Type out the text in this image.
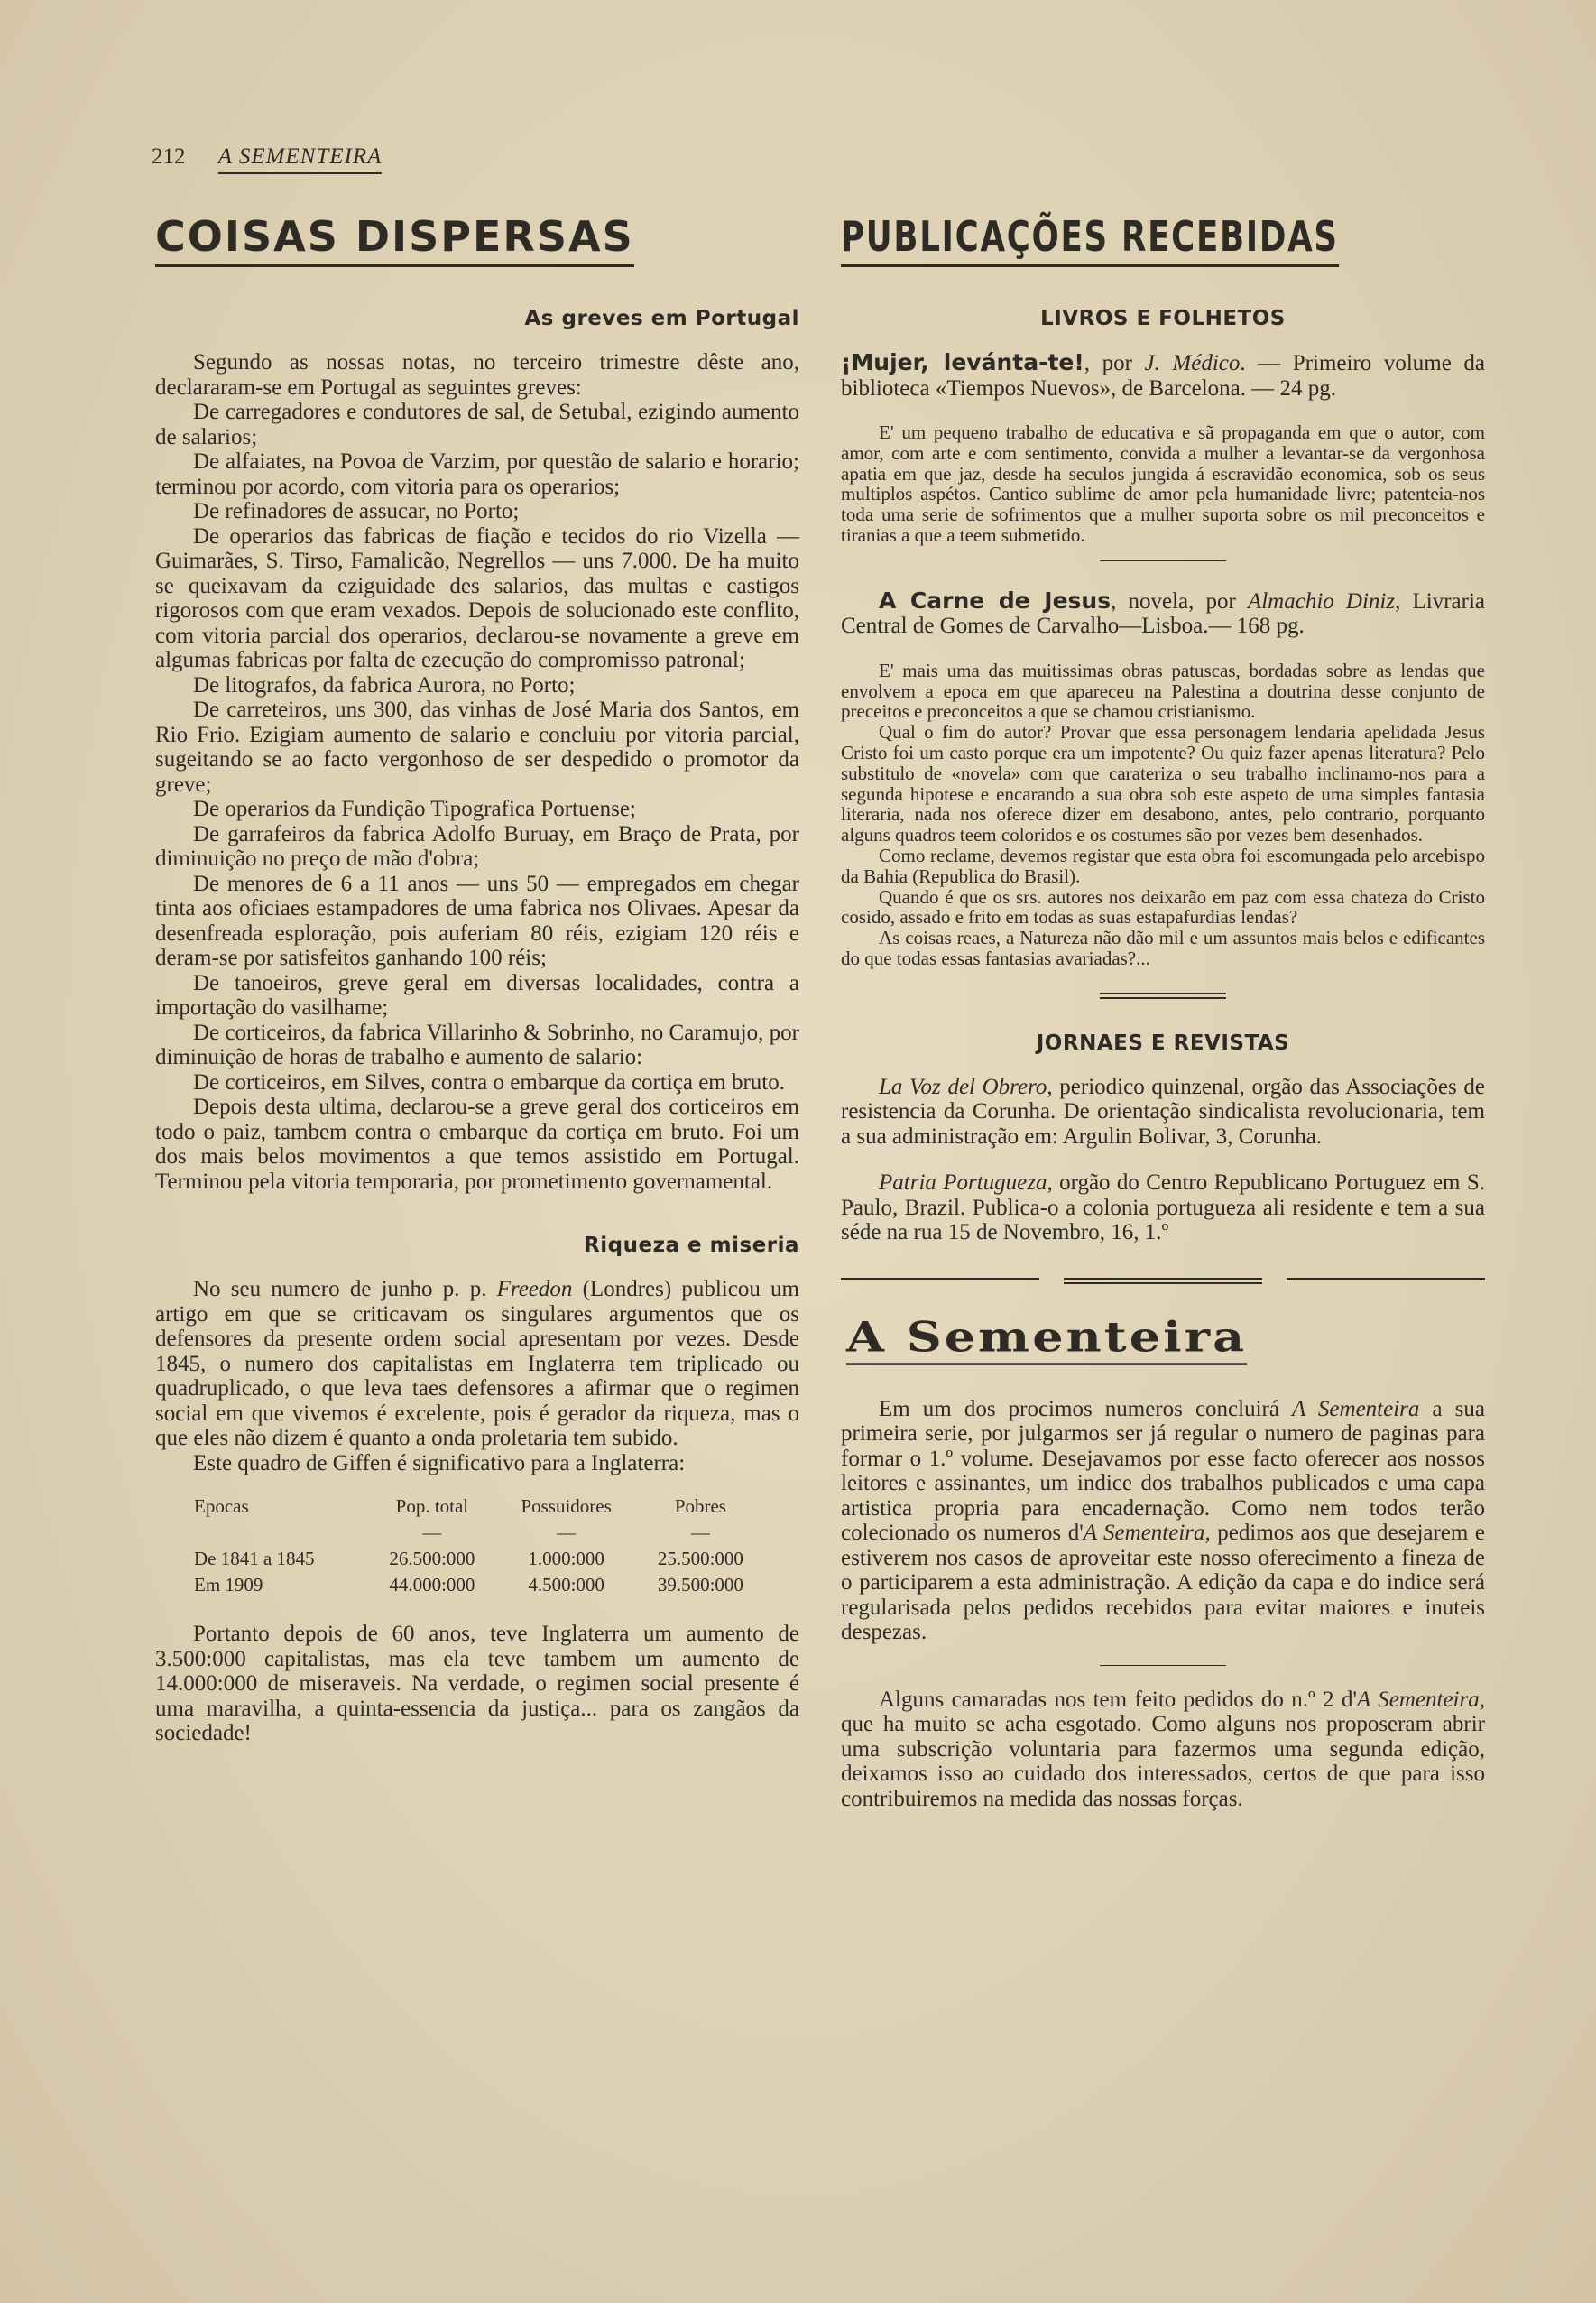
212 A SEMENTEIRA
COISAS DISPERSAS
As greves em Portugal

Segundo as nossas notas, no terceiro trimestre dêste ano, declararam-se em Portugal as seguintes greves:

De carregadores e condutores de sal, de Setubal, ezigindo aumento de salarios;

De alfaiates, na Povoa de Varzim, por questão de salario e horario; terminou por acordo, com vitoria para os operarios;

De refinadores de assucar, no Porto;

De operarios das fabricas de fiação e tecidos do rio Vizella — Guimarães, S. Tirso, Famalicão, Negrellos — uns 7.000. De ha muito se queixavam da eziguidade des salarios, das multas e castigos rigorosos com que eram vexados. Depois de solucionado este conflito, com vitoria parcial dos operarios, declarou-se novamente a greve em algumas fabricas por falta de ezecução do compromisso patronal;

De litografos, da fabrica Aurora, no Porto;

De carreteiros, uns 300, das vinhas de José Maria dos Santos, em Rio Frio. Ezigiam aumento de salario e concluiu por vitoria parcial, sugeitando se ao facto vergonhoso de ser despedido o promotor da greve;

De operarios da Fundição Tipografica Portuense;

De garrafeiros da fabrica Adolfo Buruay, em Braço de Prata, por diminuição no preço de mão d'obra;

De menores de 6 a 11 anos — uns 50 — empregados em chegar tinta aos oficiaes estampadores de uma fabrica nos Olivaes. Apesar da desenfreada esploração, pois auferiam 80 réis, ezigiam 120 réis e deram-se por satisfeitos ganhando 100 réis;

De tanoeiros, greve geral em diversas localidades, contra a importação do vasilhame;

De corticeiros, da fabrica Villarinho & Sobrinho, no Caramujo, por diminuição de horas de trabalho e aumento de salario:

De corticeiros, em Silves, contra o embarque da cortiça em bruto.

Depois desta ultima, declarou-se a greve geral dos corticeiros em todo o paiz, tambem contra o embarque da cortiça em bruto. Foi um dos mais belos movimentos a que temos assistido em Portugal. Terminou pela vitoria temporaria, por prometimento governamental.

Riqueza e miseria

No seu numero de junho p. p. Freedon (Londres) publicou um artigo em que se criticavam os singulares argumentos que os defensores da presente ordem social apresentam por vezes. Desde 1845, o numero dos capitalistas em Inglaterra tem triplicado ou quadruplicado, o que leva taes defensores a afirmar que o regimen social em que vivemos é excelente, pois é gerador da riqueza, mas o que eles não dizem é quanto a onda proletaria tem subido.

Este quadro de Giffen é significativo para a Inglaterra:

Epocas	Pop. total	Possuidores	Pobres
	—	—	—
De 1841 a 1845	26.500:000	1.000:000	25.500:000
Em 1909	44.000:000	4.500:000	39.500:000

Portanto depois de 60 anos, teve Inglaterra um aumento de 3.500:000 capitalistas, mas ela teve tambem um aumento de 14.000:000 de miseraveis. Na verdade, o regimen social presente é uma maravilha, a quinta-essencia da justiça... para os zangãos da sociedade!

PUBLICAÇÕES RECEBIDAS
LIVROS E FOLHETOS

¡Mujer, levánta-te!, por J. Médico. — Primeiro volume da biblioteca «Tiempos Nuevos», de Barcelona. — 24 pg.

E' um pequeno trabalho de educativa e sã propaganda em que o autor, com amor, com arte e com sentimento, convida a mulher a levantar-se da vergonhosa apatia em que jaz, desde ha seculos jungida á escravidão economica, sob os seus multiplos aspétos. Cantico sublime de amor pela humanidade livre; patenteia-nos toda uma serie de sofrimentos que a mulher suporta sobre os mil preconceitos e tiranias a que a teem submetido.

A Carne de Jesus, novela, por Almachio Diniz, Livraria Central de Gomes de Carvalho—Lisboa.— 168 pg.

E' mais uma das muitissimas obras patuscas, bordadas sobre as lendas que envolvem a epoca em que apareceu na Palestina a doutrina desse conjunto de preceitos e preconceitos a que se chamou cristianismo.

Qual o fim do autor? Provar que essa personagem lendaria apelidada Jesus Cristo foi um casto porque era um impotente? Ou quiz fazer apenas literatura? Pelo substitulo de «novela» com que carateriza o seu trabalho inclinamo-nos para a segunda hipotese e encarando a sua obra sob este aspeto de uma simples fantasia literaria, nada nos oferece dizer em desabono, antes, pelo contrario, porquanto alguns quadros teem coloridos e os costumes são por vezes bem desenhados.

Como reclame, devemos registar que esta obra foi escomungada pelo arcebispo da Bahia (Republica do Brasil).

Quando é que os srs. autores nos deixarão em paz com essa chateza do Cristo cosido, assado e frito em todas as suas estapafurdias lendas?

As coisas reaes, a Natureza não dão mil e um assuntos mais belos e edificantes do que todas essas fantasias avariadas?...

JORNAES E REVISTAS

La Voz del Obrero, periodico quinzenal, orgão das Associações de resistencia da Corunha. De orientação sindicalista revolucionaria, tem a sua administração em: Argulin Bolivar, 3, Corunha.

Patria Portugueza, orgão do Centro Republicano Portuguez em S. Paulo, Brazil. Publica-o a colonia portugueza ali residente e tem a sua séde na rua 15 de Novembro, 16, 1.º

A Sementeira

Em um dos procimos numeros concluirá A Sementeira a sua primeira serie, por julgarmos ser já regular o numero de paginas para formar o 1.º volume. Desejavamos por esse facto oferecer aos nossos leitores e assinantes, um indice dos trabalhos publicados e uma capa artistica propria para encadernação. Como nem todos terão colecionado os numeros d'A Sementeira, pedimos aos que desejarem e estiverem nos casos de aproveitar este nosso oferecimento a fineza de o participarem a esta administração. A edição da capa e do indice será regularisada pelos pedidos recebidos para evitar maiores e inuteis despezas.

Alguns camaradas nos tem feito pedidos do n.º 2 d'A Sementeira, que ha muito se acha esgotado. Como alguns nos proposeram abrir uma subscrição voluntaria para fazermos uma segunda edição, deixamos isso ao cuidado dos interessados, certos de que para isso contribuiremos na medida das nossas forças.
